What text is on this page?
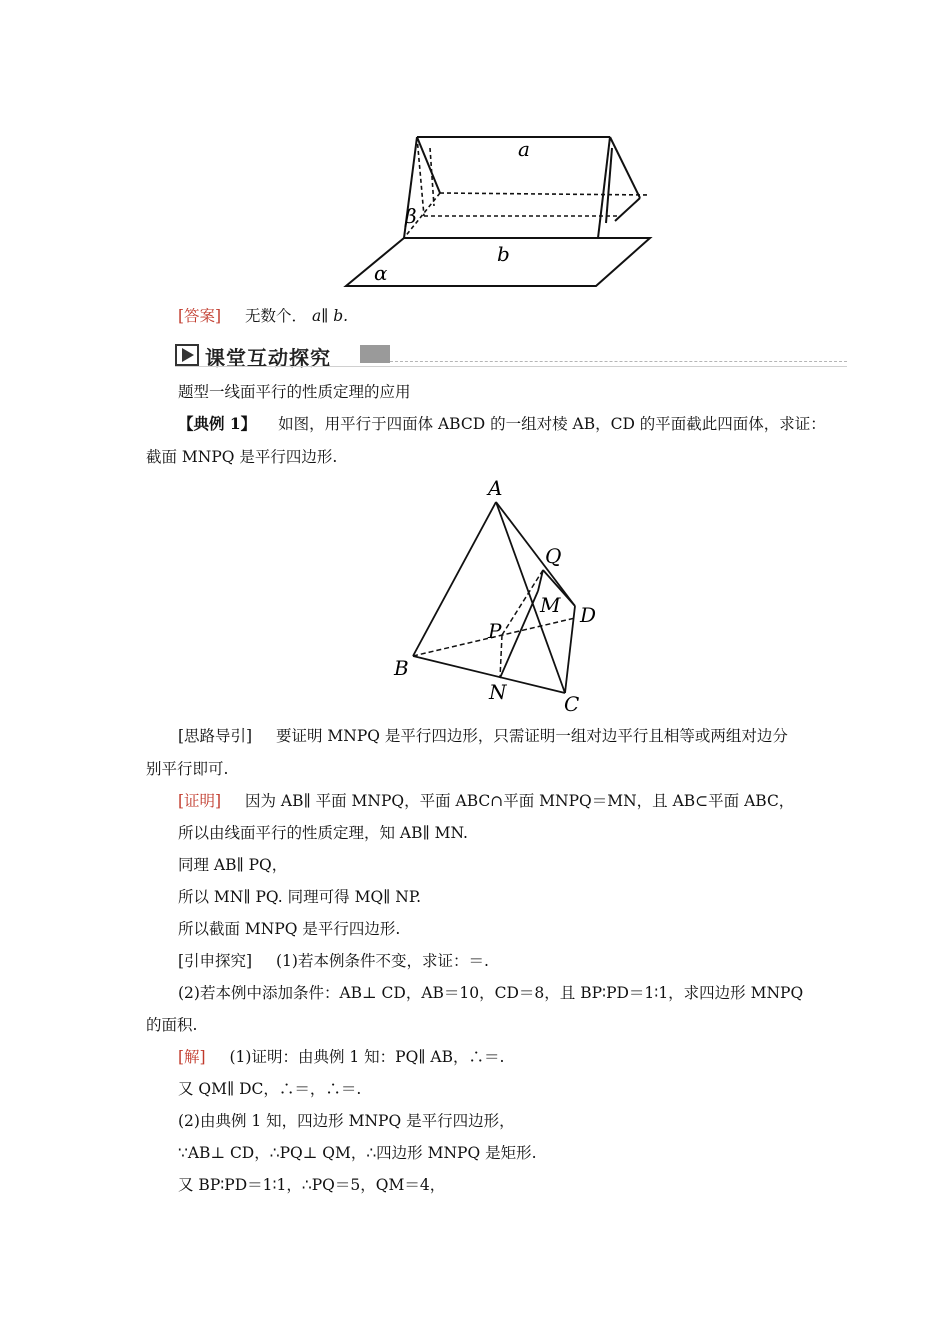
a
b
α
β
[答案] 无数个． a∥ b.
课堂互动探究
题型一线面平行的性质定理的应用
【典例 1】 如图，用平行于四面体 ABCD 的一组对棱 AB，CD 的平面截此四面体，求证：
截面 MNPQ 是平行四边形.
A
B
C
D
M
N
P
Q
[思路导引] 要证明 MNPQ 是平行四边形，只需证明一组对边平行且相等或两组对边分
别平行即可.
[证明] 因为 AB∥ 平面 MNPQ，平面 ABC∩平面 MNPQ＝MN，且 AB⊂平面 ABC，
所以由线面平行的性质定理，知 AB∥ MN.
同理 AB∥ PQ，
所以 MN∥ PQ. 同理可得 MQ∥ NP.
所以截面 MNPQ 是平行四边形.
[引申探究] (1)若本例条件不变，求证：＝.
(2)若本例中添加条件：AB⊥ CD，AB＝10，CD＝8，且 BP∶PD＝1∶1，求四边形 MNPQ
的面积.
[解] (1)证明：由典例 1 知：PQ∥ AB，∴＝.
又 QM∥ DC，∴＝，∴＝.
(2)由典例 1 知，四边形 MNPQ 是平行四边形，
∵AB⊥ CD，∴PQ⊥ QM，∴四边形 MNPQ 是矩形.
又 BP∶PD＝1∶1，∴PQ＝5，QM＝4，
